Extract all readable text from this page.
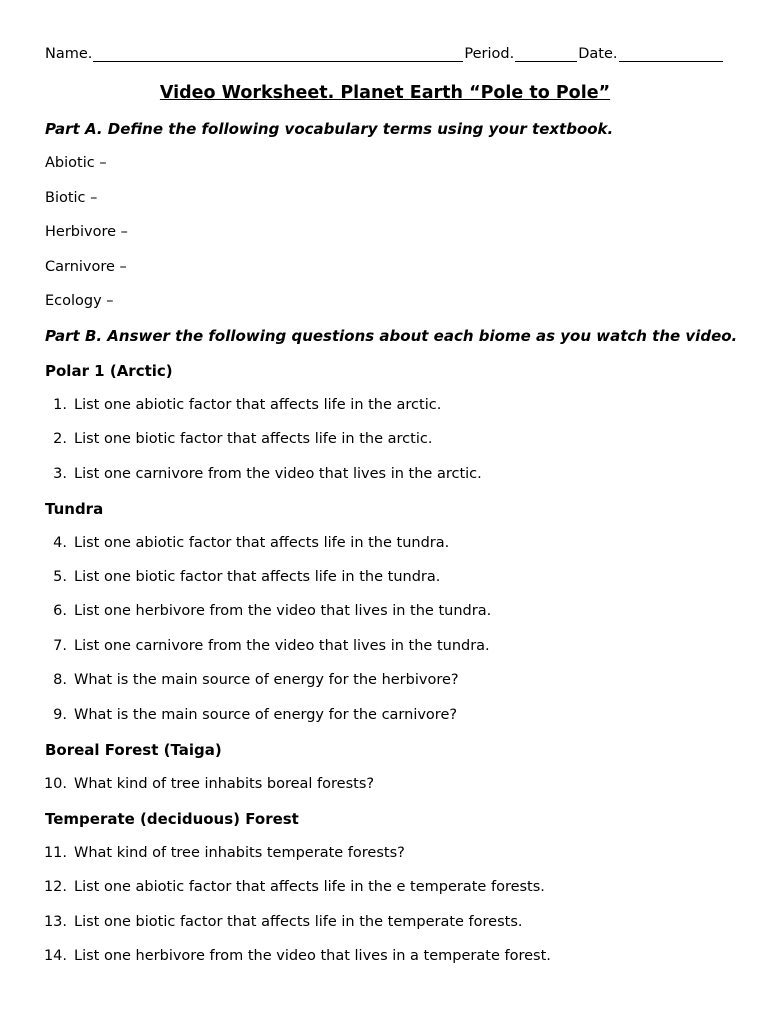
Name.	Period.	Date.
Video Worksheet. Planet Earth “Pole to Pole”
Part A. Define the following vocabulary terms using your textbook.
Abiotic –
Biotic –
Herbivore –
Carnivore –
Ecology –
Part B. Answer the following questions about each biome as you watch the video.
Polar 1 (Arctic)
1. List one abiotic factor that affects life in the arctic.
2. List one biotic factor that affects life in the arctic.
3. List one carnivore from the video that lives in the arctic.
Tundra
4. List one abiotic factor that affects life in the tundra.
5. List one biotic factor that affects life in the tundra.
6. List one herbivore from the video that lives in the tundra.
7. List one carnivore from the video that lives in the tundra.
8. What is the main source of energy for the herbivore?
9. What is the main source of energy for the carnivore?
Boreal Forest (Taiga)
10. What kind of tree inhabits boreal forests?
Temperate (deciduous) Forest
11. What kind of tree inhabits temperate forests?
12. List one abiotic factor that affects life in the e temperate forests.
13. List one biotic factor that affects life in the temperate forests.
14. List one herbivore from the video that lives in a temperate forest.
